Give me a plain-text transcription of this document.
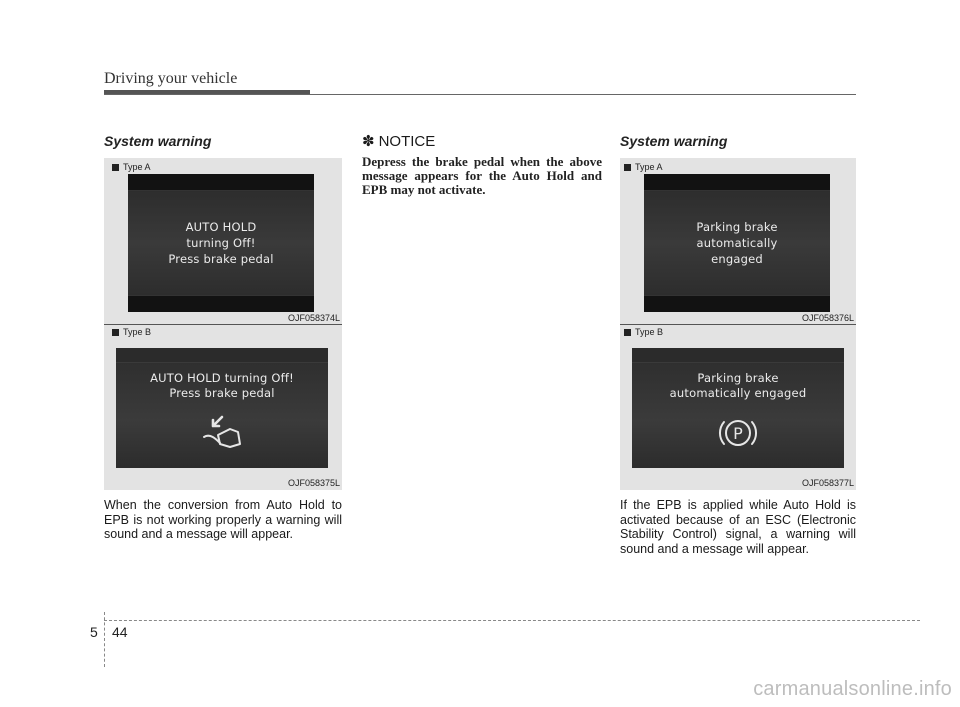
Driving your vehicle
System warning
Type A
AUTO HOLD
turning Off!
Press brake pedal
OJF058374L
Type B
AUTO HOLD turning Off!
Press brake pedal
OJF058375L
When the conversion from Auto Hold to EPB is not working properly a warning will sound and a message will appear.
✽ NOTICE
Depress the brake pedal when the above message appears for the Auto Hold and EPB may not activate.
System warning
Type A
Parking brake
automatically
engaged
OJF058376L
Type B
Parking brake
automatically engaged
P
OJF058377L
If the EPB is applied while Auto Hold is activated because of an ESC (Electronic Stability Control) signal, a warning will sound and a message will appear.
5 44
carmanualsonline.info
